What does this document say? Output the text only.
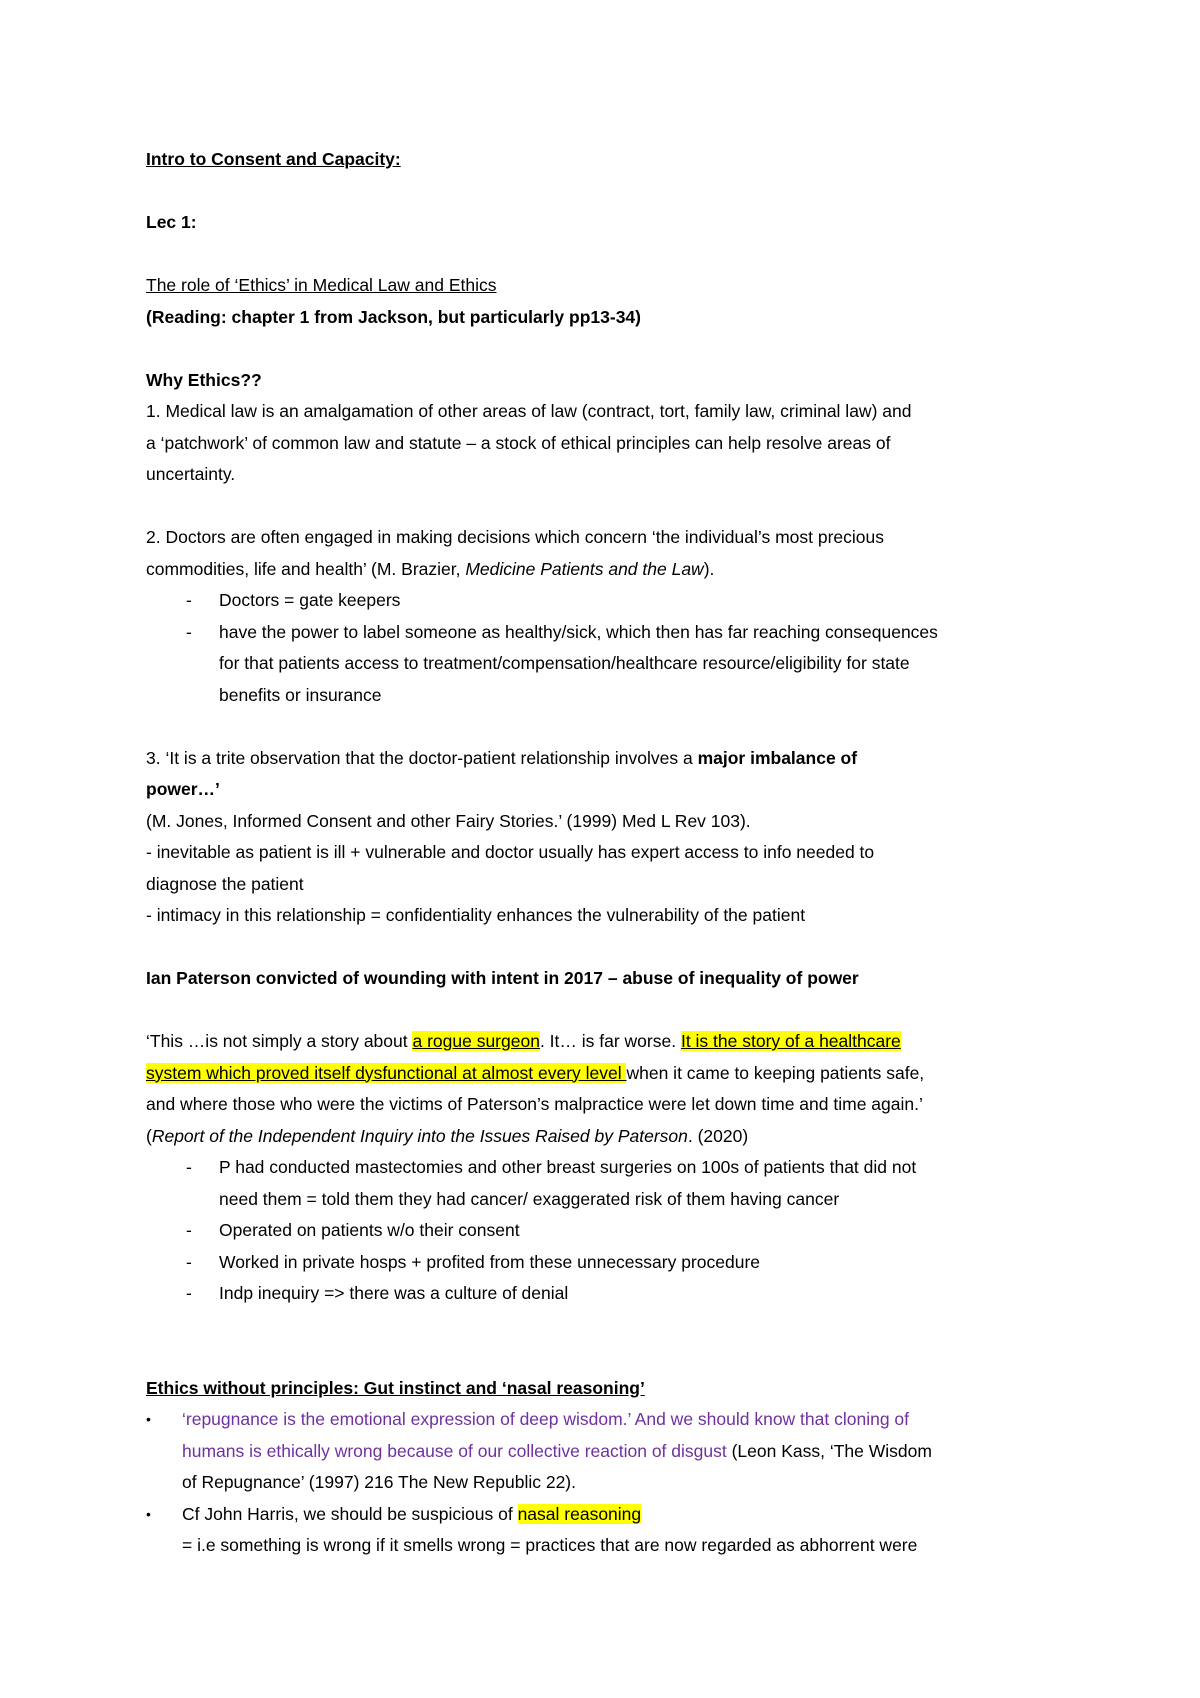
Intro to Consent and Capacity:
Lec 1:
The role of ‘Ethics’ in Medical Law and Ethics
(Reading: chapter 1 from Jackson, but particularly pp13-34)
Why Ethics??
1. Medical law is an amalgamation of other areas of law (contract, tort, family law, criminal law) and
a ‘patchwork’ of common law and statute – a stock of ethical principles can help resolve areas of
uncertainty.
2. Doctors are often engaged in making decisions which concern ‘the individual’s most precious
commodities, life and health’ (M. Brazier, Medicine Patients and the Law).
- Doctors = gate keepers
- have the power to label someone as healthy/sick, which then has far reaching consequences
for that patients access to treatment/compensation/healthcare resource/eligibility for state
benefits or insurance
3. ‘It is a trite observation that the doctor-patient relationship involves a major imbalance of
power…’
(M. Jones, Informed Consent and other Fairy Stories.’ (1999) Med L Rev 103).
- inevitable as patient is ill + vulnerable and doctor usually has expert access to info needed to
diagnose the patient
- intimacy in this relationship = confidentiality enhances the vulnerability of the patient
Ian Paterson convicted of wounding with intent in 2017 – abuse of inequality of power
‘This …is not simply a story about a rogue surgeon. It… is far worse. It is the story of a healthcare
system which proved itself dysfunctional at almost every level when it came to keeping patients safe,
and where those who were the victims of Paterson’s malpractice were let down time and time again.’
(Report of the Independent Inquiry into the Issues Raised by Paterson. (2020)
- P had conducted mastectomies and other breast surgeries on 100s of patients that did not
need them = told them they had cancer/ exaggerated risk of them having cancer
- Operated on patients w/o their consent
- Worked in private hosps + profited from these unnecessary procedure
- Indp inequiry => there was a culture of denial
Ethics without principles: Gut instinct and ‘nasal reasoning’
• ‘repugnance is the emotional expression of deep wisdom.’ And we should know that cloning of
humans is ethically wrong because of our collective reaction of disgust (Leon Kass, ‘The Wisdom
of Repugnance’ (1997) 216 The New Republic 22).
• Cf John Harris, we should be suspicious of nasal reasoning
= i.e something is wrong if it smells wrong = practices that are now regarded as abhorrent were
